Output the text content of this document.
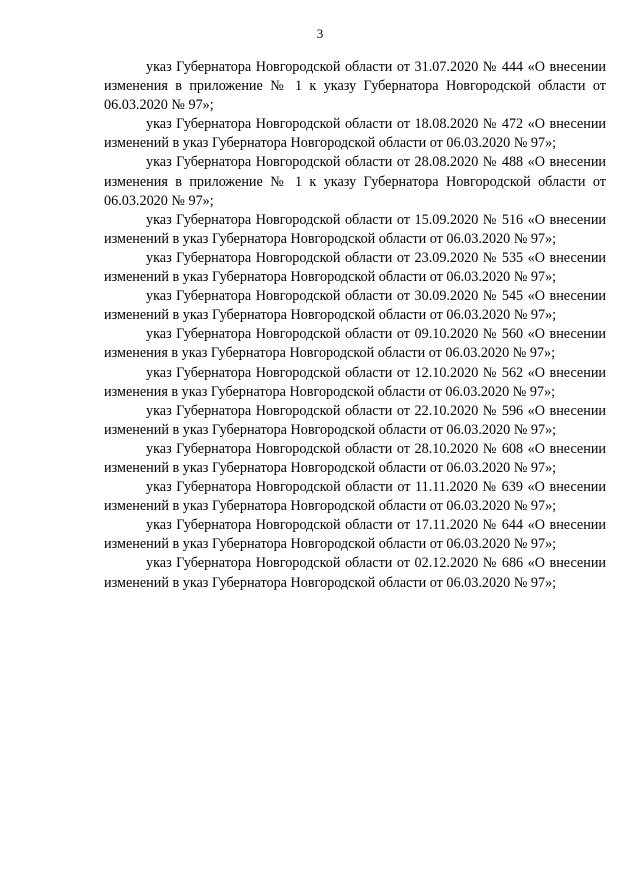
3

указ Губернатора Новгородской области от 31.07.2020 № 444 «О внесении изменения в приложение № 1 к указу Губернатора Новгородской области от 06.03.2020 № 97»;

указ Губернатора Новгородской области от 18.08.2020 № 472 «О внесении изменений в указ Губернатора Новгородской области от 06.03.2020 № 97»;

указ Губернатора Новгородской области от 28.08.2020 № 488 «О внесении изменения в приложение № 1 к указу Губернатора Новгородской области от 06.03.2020 № 97»;

указ Губернатора Новгородской области от 15.09.2020 № 516 «О внесении изменений в указ Губернатора Новгородской области от 06.03.2020 № 97»;

указ Губернатора Новгородской области от 23.09.2020 № 535 «О внесении изменений в указ Губернатора Новгородской области от 06.03.2020 № 97»;

указ Губернатора Новгородской области от 30.09.2020 № 545 «О внесении изменений в указ Губернатора Новгородской области от 06.03.2020 № 97»;

указ Губернатора Новгородской области от 09.10.2020 № 560 «О внесении изменения в указ Губернатора Новгородской области от 06.03.2020 № 97»;

указ Губернатора Новгородской области от 12.10.2020 № 562 «О внесении изменения в указ Губернатора Новгородской области от 06.03.2020 № 97»;

указ Губернатора Новгородской области от 22.10.2020 № 596 «О внесении изменений в указ Губернатора Новгородской области от 06.03.2020 № 97»;

указ Губернатора Новгородской области от 28.10.2020 № 608 «О внесении изменений в указ Губернатора Новгородской области от 06.03.2020 № 97»;

указ Губернатора Новгородской области от 11.11.2020 № 639 «О внесении изменений в указ Губернатора Новгородской области от 06.03.2020 № 97»;

указ Губернатора Новгородской области от 17.11.2020 № 644 «О внесении изменений в указ Губернатора Новгородской области от 06.03.2020 № 97»;

указ Губернатора Новгородской области от 02.12.2020 № 686 «О внесении изменений в указ Губернатора Новгородской области от 06.03.2020 № 97»;
